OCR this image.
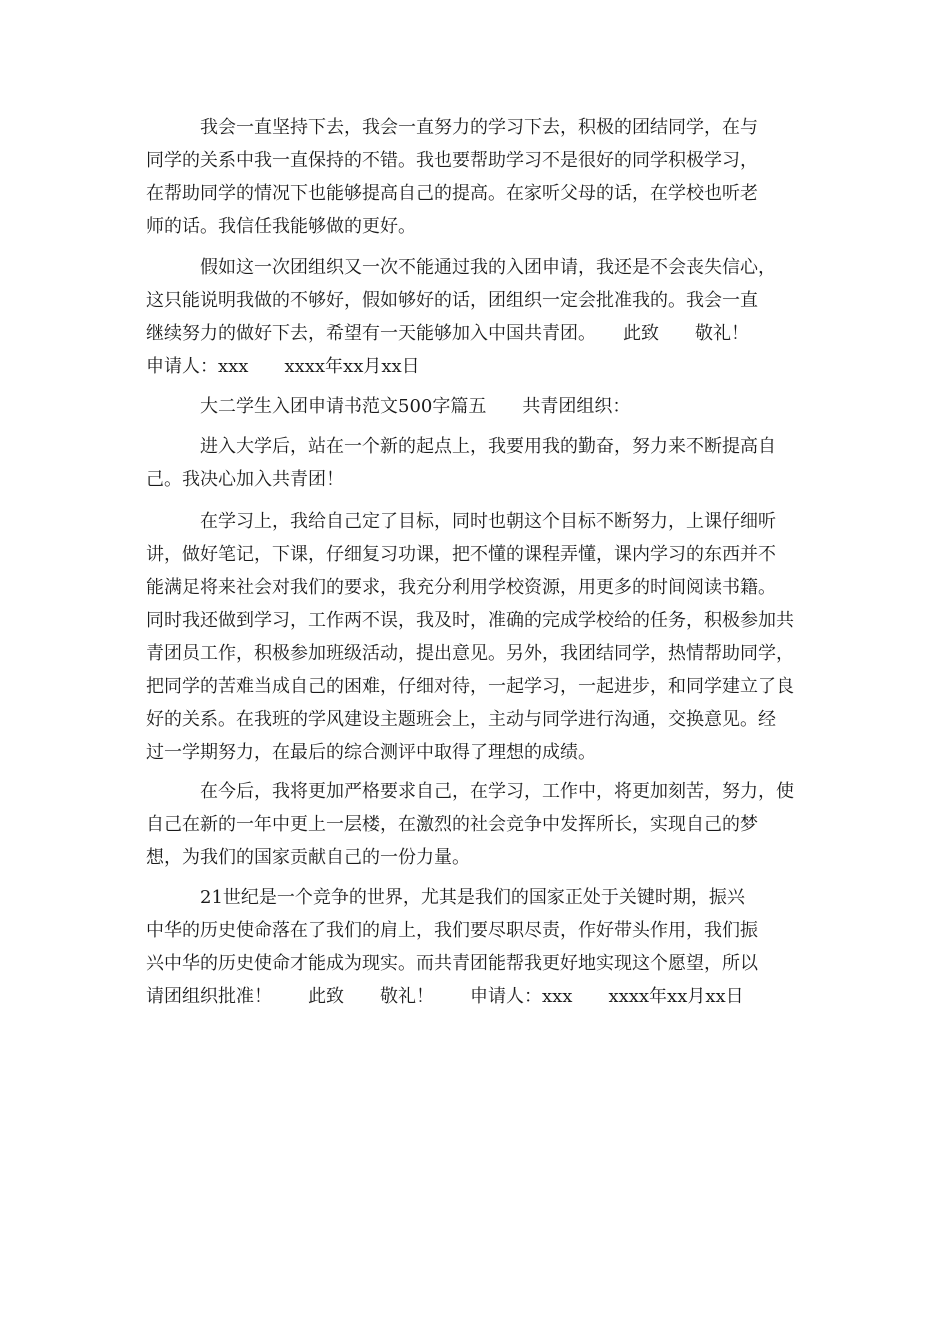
　　　我会一直坚持下去，我会一直努力的学习下去，积极的团结同学，在与
同学的关系中我一直保持的不错。我也要帮助学习不是很好的同学积极学习，
在帮助同学的情况下也能够提高自己的提高。在家听父母的话，在学校也听老
师的话。我信任我能够做的更好。
　　　假如这一次团组织又一次不能通过我的入团申请，我还是不会丧失信心，
这只能说明我做的不够好，假如够好的话，团组织一定会批准我的。我会一直
继续努力的做好下去，希望有一天能够加入中国共青团。　　此致　　敬礼！
申请人：xxx　　xxxx年xx月xx日
　　　大二学生入团申请书范文500字篇五　　共青团组织：
　　　进入大学后，站在一个新的起点上，我要用我的勤奋，努力来不断提高自
己。我决心加入共青团！
　　　在学习上，我给自己定了目标，同时也朝这个目标不断努力，上课仔细听
讲，做好笔记，下课，仔细复习功课，把不懂的课程弄懂，课内学习的东西并不
能满足将来社会对我们的要求，我充分利用学校资源，用更多的时间阅读书籍。
同时我还做到学习，工作两不误，我及时，准确的完成学校给的任务，积极参加共
青团员工作，积极参加班级活动，提出意见。另外，我团结同学，热情帮助同学，
把同学的苦难当成自己的困难，仔细对待，一起学习，一起进步，和同学建立了良
好的关系。在我班的学风建设主题班会上，主动与同学进行沟通，交换意见。经
过一学期努力，在最后的综合测评中取得了理想的成绩。
　　　在今后，我将更加严格要求自己，在学习，工作中，将更加刻苦，努力，使
自己在新的一年中更上一层楼，在激烈的社会竞争中发挥所长，实现自己的梦
想，为我们的国家贡献自己的一份力量。
　　　21世纪是一个竞争的世界，尤其是我们的国家正处于关键时期，振兴
中华的历史使命落在了我们的肩上，我们要尽职尽责，作好带头作用，我们振
兴中华的历史使命才能成为现实。而共青团能帮我更好地实现这个愿望，所以
请团组织批准！　　此致　　敬礼！　　申请人：xxx　　xxxx年xx月xx日
